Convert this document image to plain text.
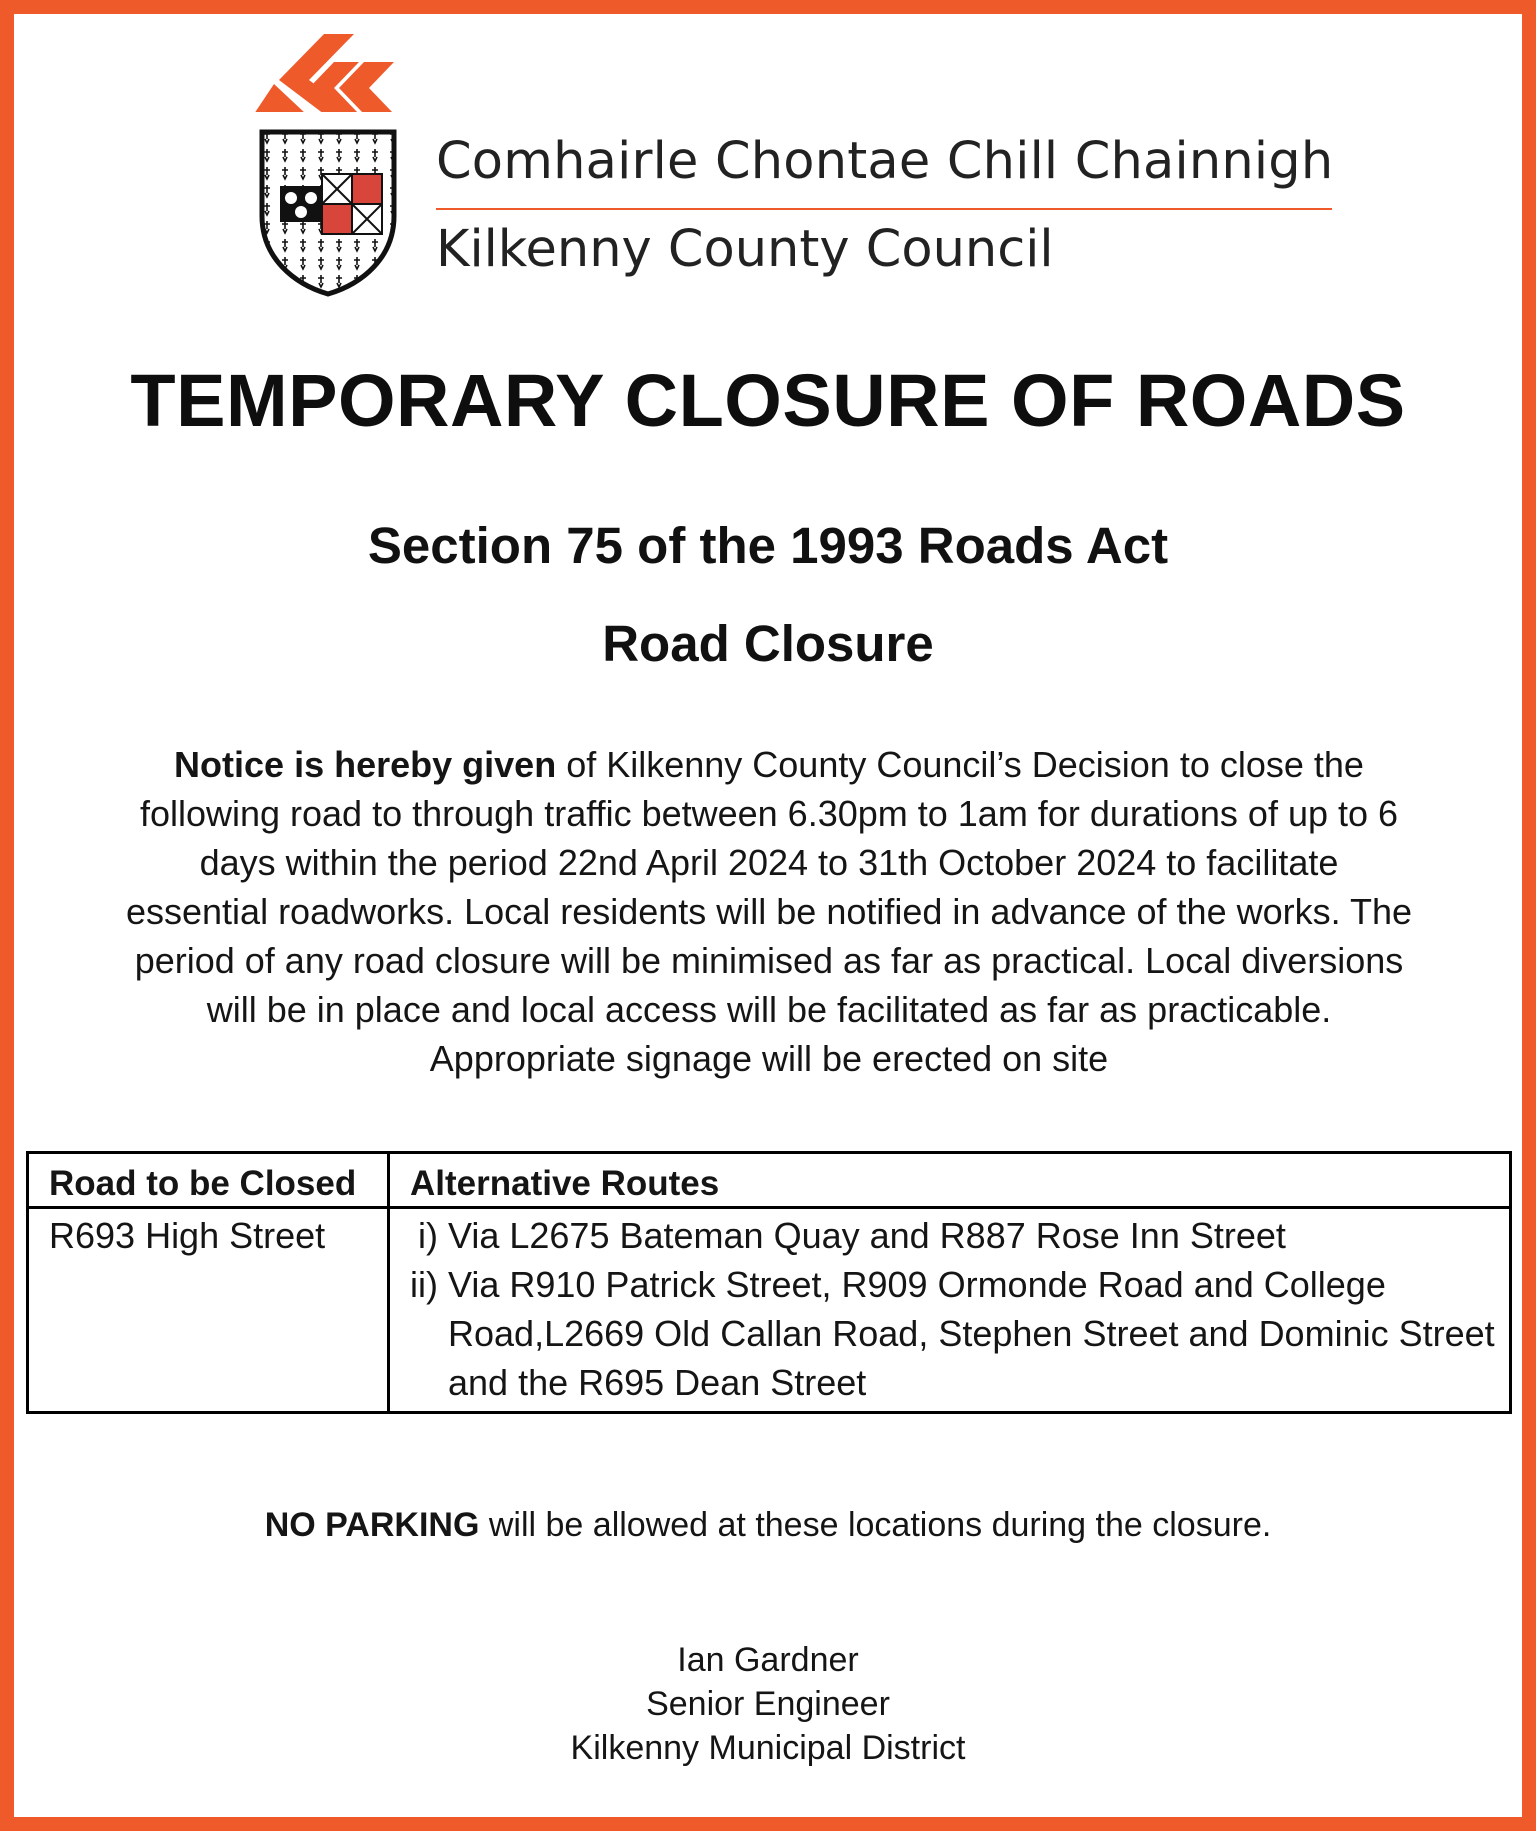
Comhairle Chontae Chill Chainnigh
Kilkenny County Council
TEMPORARY CLOSURE OF ROADS
Section 75 of the 1993 Roads Act
Road Closure
Notice is hereby given of Kilkenny County Council’s Decision to close the
following road to through traffic between 6.30pm to 1am for durations of up to 6
days within the period 22nd April 2024 to 31th October 2024 to facilitate
essential roadworks. Local residents will be notified in advance of the works. The
period of any road closure will be minimised as far as practical. Local diversions
will be in place and local access will be facilitated as far as practicable.
Appropriate signage will be erected on site
Road to be Closed	Alternative Routes
R693 High Street	i) Via L2675 Bateman Quay and R887 Rose Inn Street
ii) Via R910 Patrick Street, R909 Ormonde Road and College Road,L2669 Old Callan Road, Stephen Street and Dominic Street and the R695 Dean Street
NO PARKING will be allowed at these locations during the closure.
Ian Gardner
Senior Engineer
Kilkenny Municipal District
